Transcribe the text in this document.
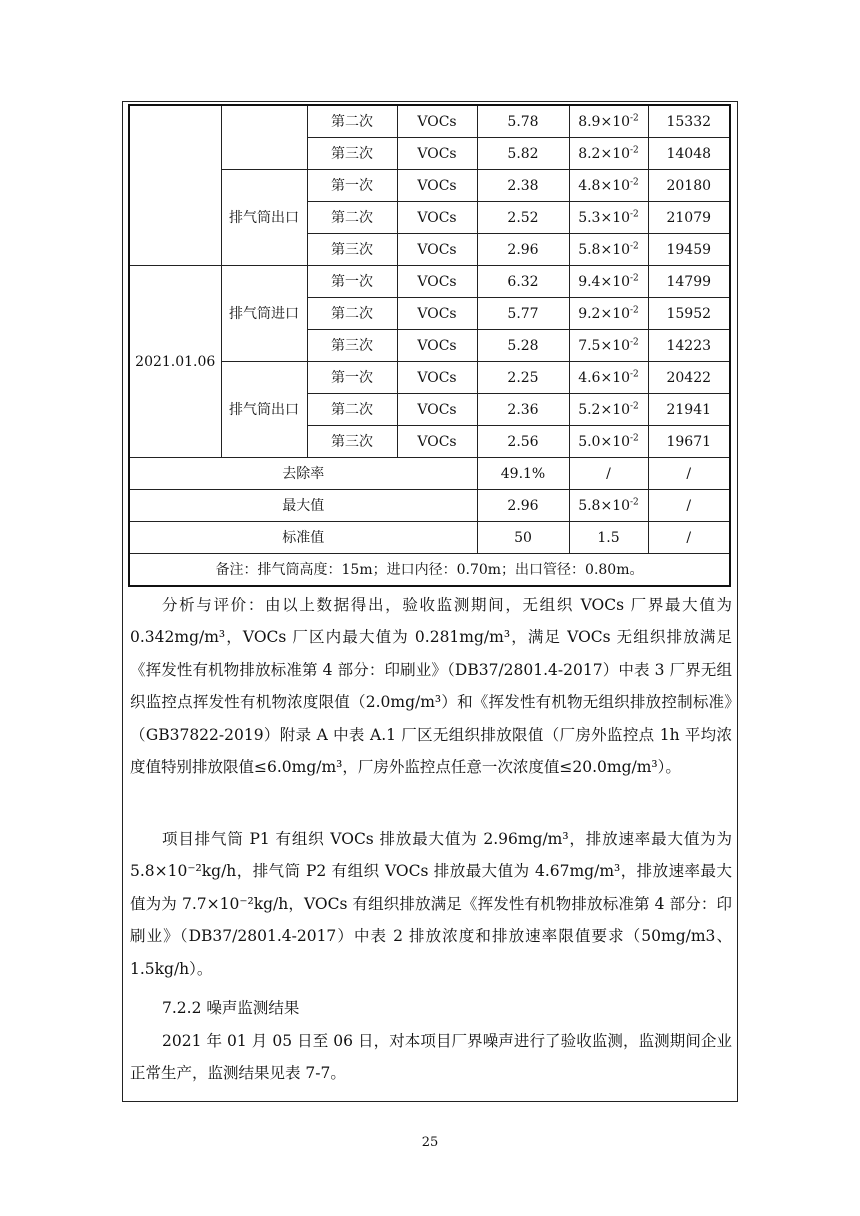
		第二次	VOCs	5.78	$8.9\times 10^{-2}$	15332
		第三次	VOCs	5.82	$8.2\times 10^{-2}$	14048
	排气筒出口	第一次	VOCs	2.38	$4.8\times 10^{-2}$	20180
		第二次	VOCs	2.52	$5.3\times 10^{-2}$	21079
		第三次	VOCs	2.96	$5.8\times 10^{-2}$	19459
2021.01.06	排气筒进口	第一次	VOCs	6.32	$9.4\times 10^{-2}$	14799
		第二次	VOCs	5.77	$9.2\times 10^{-2}$	15952
		第三次	VOCs	5.28	$7.5\times 10^{-2}$	14223
	排气筒出口	第一次	VOCs	2.25	$4.6\times 10^{-2}$	20422
		第二次	VOCs	2.36	$5.2\times 10^{-2}$	21941
		第三次	VOCs	2.56	$5.0\times 10^{-2}$	19671
去除率				49.1%	/	/
最大值				2.96	$5.8\times 10^{-2}$	/
标准值				50	1.5	/
备注：排气筒高度：15m；进口内径：0.70m；出口管径：0.80m。						

分析与评价：由以上数据得出，验收监测期间，无组织 VOCs 厂界最大值为 0.342mg/m³，VOCs 厂区内最大值为 0.281mg/m³，满足 VOCs 无组织排放满足《挥发性有机物排放标准第 4 部分：印刷业》（DB37/2801.4-2017）中表 3 厂界无组织监控点挥发性有机物浓度限值（2.0mg/m³）和《挥发性有机物无组织排放控制标准》（GB37822-2019）附录 A 中表 A.1 厂区无组织排放限值（厂房外监控点 1h 平均浓度值特别排放限值≤6.0mg/m³，厂房外监控点任意一次浓度值≤20.0mg/m³）。

项目排气筒 P1 有组织 VOCs 排放最大值为 2.96mg/m³，排放速率最大值为为 5.8×10⁻²kg/h，排气筒 P2 有组织 VOCs 排放最大值为 4.67mg/m³，排放速率最大值为为 7.7×10⁻²kg/h，VOCs 有组织排放满足《挥发性有机物排放标准第 4 部分：印刷业》（DB37/2801.4-2017）中表 2 排放浓度和排放速率限值要求（50mg/m3、1.5kg/h）。

7.2.2 噪声监测结果

2021 年 01 月 05 日至 06 日，对本项目厂界噪声进行了验收监测，监测期间企业正常生产，监测结果见表 7-7。

25
